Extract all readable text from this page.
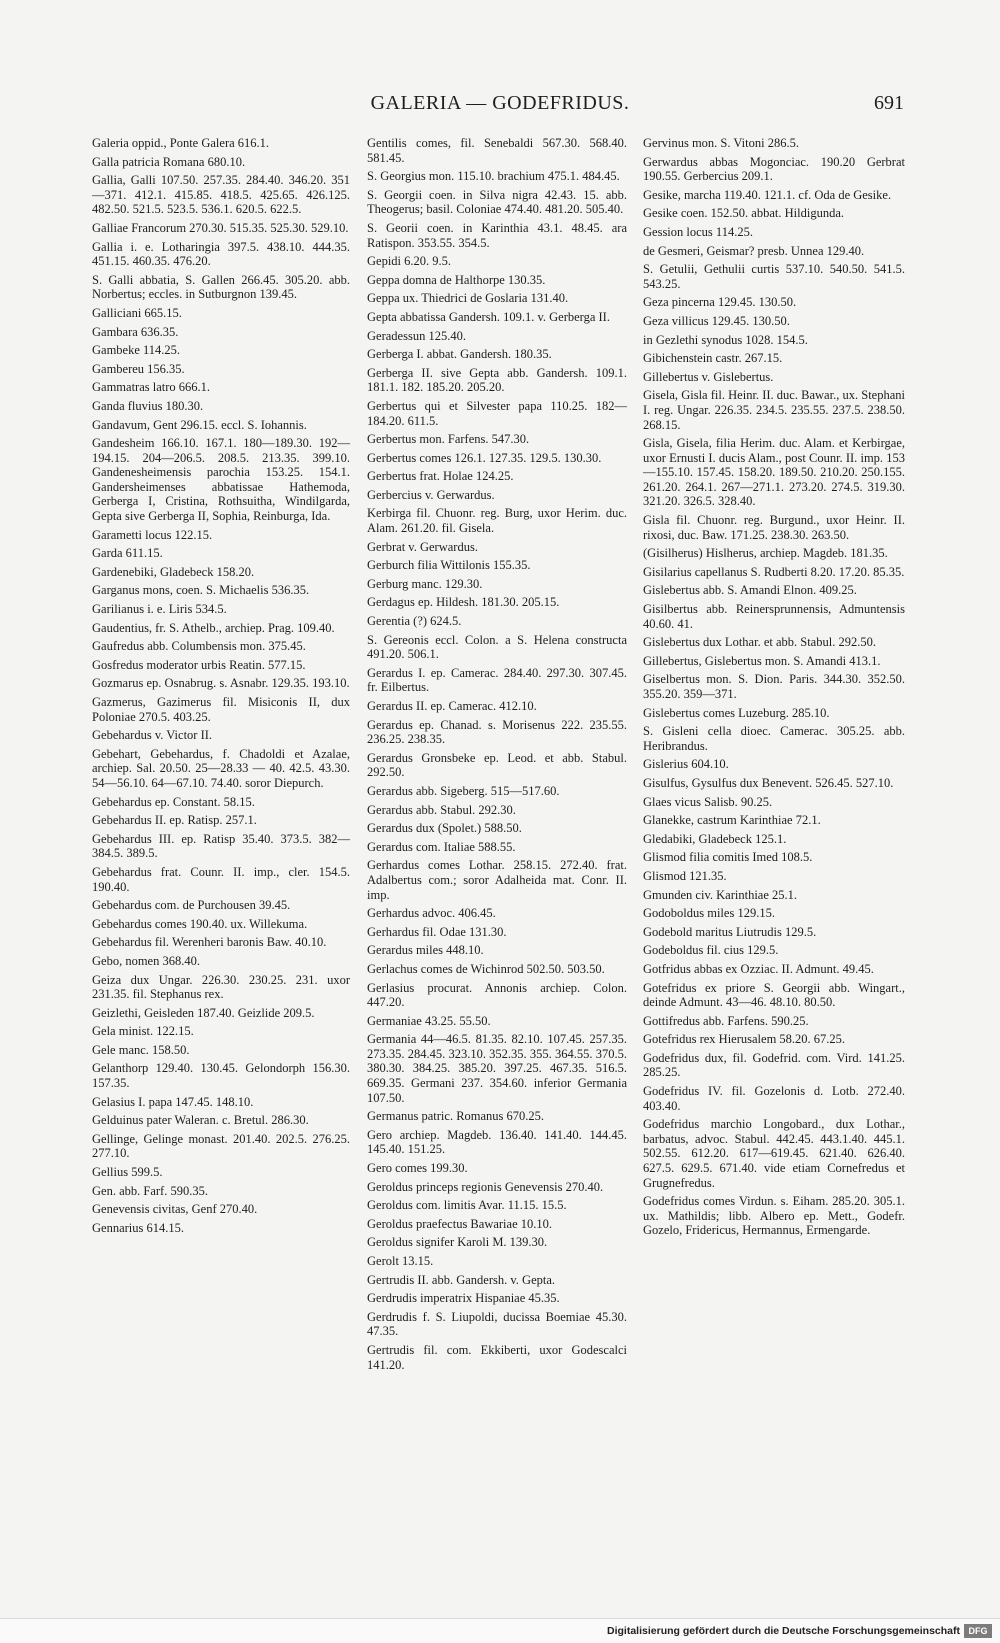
GALERIA — GODEFRIDUS.	691
Galeria oppid., Ponte Galera 616.1.
Galla patricia Romana 680.10.
Gallia, Galli 107.50. 257.35. 284.40. 346.20. 351—371. 412.1. 415.85. 418.5. 425.65. 426.125. 482.50. 521.5. 523.5. 536.1. 620.5. 622.5.
Galliae Francorum 270.30. 515.35. 525.30. 529.10.
Gallia i. e. Lotharingia 397.5. 438.10. 444.35. 451.15. 460.35. 476.20.
S. Galli abbatia, S. Gallen 266.45. 305.20. abb. Norbertus; eccles. in Sutburgnon 139.45.
Galliciani 665.15.
Gambara 636.35.
Gambeke 114.25.
Gambereu 156.35.
Gammatras latro 666.1.
Ganda fluvius 180.30.
Gandavum, Gent 296.15. eccl. S. Iohannis.
Gandesheim 166.10. 167.1. 180—189.30. 192—194.15. 204—206.5. 208.5. 213.35. 399.10. Gandenesheimensis parochia 153.25. 154.1. Gandersheimenses abbatissae Hathemoda, Gerberga I, Cristina, Rothsuitha, Windilgarda, Gepta sive Gerberga II, Sophia, Reinburga, Ida.
Garametti locus 122.15.
Garda 611.15.
Gardenebiki, Gladebeck 158.20.
Garganus mons, coen. S. Michaelis 536.35.
Garilianus i. e. Liris 534.5.
Gaudentius, fr. S. Athelb., archiep. Prag. 109.40.
Gaufredus abb. Columbensis mon. 375.45.
Gosfredus moderator urbis Reatin. 577.15.
Gozmarus ep. Osnabrug. s. Asnabr. 129.35. 193.10.
Gazmerus, Gazimerus fil. Misiconis II, dux Poloniae 270.5. 403.25.
Gebehardus v. Victor II.
Gebehart, Gebehardus, f. Chadoldi et Azalae, archiep. Sal. 20.50. 25—28.33 — 40. 42.5. 43.30. 54—56.10. 64—67.10. 74.40. soror Diepurch.
Gebehardus ep. Constant. 58.15.
Gebehardus II. ep. Ratisp. 257.1.
Gebehardus III. ep. Ratisp 35.40. 373.5. 382—384.5. 389.5.
Gebehardus frat. Counr. II. imp., cler. 154.5. 190.40.
Gebehardus com. de Purchousen 39.45.
Gebehardus comes 190.40. ux. Willekuma.
Gebehardus fil. Werenheri baronis Baw. 40.10.
Gebo, nomen 368.40.
Geiza dux Ungar. 226.30. 230.25. 231. uxor 231.35. fil. Stephanus rex.
Geizlethi, Geisleden 187.40. Geizlide 209.5.
Gela minist. 122.15.
Gele manc. 158.50.
Gelanthorp 129.40. 130.45. Gelondorph 156.30. 157.35.
Gelasius I. papa 147.45. 148.10.
Gelduinus pater Waleran. c. Bretul. 286.30.
Gellinge, Gelinge monast. 201.40. 202.5. 276.25. 277.10.
Gellius 599.5.
Gen. abb. Farf. 590.35.
Genevensis civitas, Genf 270.40.
Gennarius 614.15.
Gentilis comes, fil. Senebaldi 567.30. 568.40. 581.45.
S. Georgius mon. 115.10. brachium 475.1. 484.45.
S. Georgii coen. in Silva nigra 42.43. 15. abb. Theogerus; basil. Coloniae 474.40. 481.20. 505.40.
S. Georii coen. in Karinthia 43.1. 48.45. ara Ratispon. 353.55. 354.5.
Gepidi 6.20. 9.5.
Geppa domna de Halthorpe 130.35.
Geppa ux. Thiedrici de Goslaria 131.40.
Gepta abbatissa Gandersh. 109.1. v. Gerberga II.
Geradessun 125.40.
Gerberga I. abbat. Gandersh. 180.35.
Gerberga II. sive Gepta abb. Gandersh. 109.1. 181.1. 182. 185.20. 205.20.
Gerbertus qui et Silvester papa 110.25. 182—184.20. 611.5.
Gerbertus mon. Farfens. 547.30.
Gerbertus comes 126.1. 127.35. 129.5. 130.30.
Gerbertus frat. Holae 124.25.
Gerbercius v. Gerwardus.
Kerbirga fil. Chuonr. reg. Burg, uxor Herim. duc. Alam. 261.20. fil. Gisela.
Gerbrat v. Gerwardus.
Gerburch filia Wittilonis 155.35.
Gerburg manc. 129.30.
Gerdagus ep. Hildesh. 181.30. 205.15.
Gerentia (?) 624.5.
S. Gereonis eccl. Colon. a S. Helena constructa 491.20. 506.1.
Gerardus I. ep. Camerac. 284.40. 297.30. 307.45. fr. Eilbertus.
Gerardus II. ep. Camerac. 412.10.
Gerardus ep. Chanad. s. Morisenus 222. 235.55. 236.25. 238.35.
Gerardus Gronsbeke ep. Leod. et abb. Stabul. 292.50.
Gerardus abb. Sigeberg. 515—517.60.
Gerardus abb. Stabul. 292.30.
Gerardus dux (Spolet.) 588.50.
Gerardus com. Italiae 588.55.
Gerhardus comes Lothar. 258.15. 272.40. frat. Adalbertus com.; soror Adalheida mat. Conr. II. imp.
Gerhardus advoc. 406.45.
Gerhardus fil. Odae 131.30.
Gerardus miles 448.10.
Gerlachus comes de Wichinrod 502.50. 503.50.
Gerlasius procurat. Annonis archiep. Colon. 447.20.
Germaniae 43.25. 55.50.
Germania 44—46.5. 81.35. 82.10. 107.45. 257.35. 273.35. 284.45. 323.10. 352.35. 355. 364.55. 370.5. 380.30. 384.25. 385.20. 397.25. 467.35. 516.5. 669.35. Germani 237. 354.60. inferior Germania 107.50.
Germanus patric. Romanus 670.25.
Gero archiep. Magdeb. 136.40. 141.40. 144.45. 145.40. 151.25.
Gero comes 199.30.
Geroldus princeps regionis Genevensis 270.40.
Geroldus com. limitis Avar. 11.15. 15.5.
Geroldus praefectus Bawariae 10.10.
Geroldus signifer Karoli M. 139.30.
Gerolt 13.15.
Gertrudis II. abb. Gandersh. v. Gepta.
Gerdrudis imperatrix Hispaniae 45.35.
Gerdrudis f. S. Liupoldi, ducissa Boemiae 45.30. 47.35.
Gertrudis fil. com. Ekkiberti, uxor Godescalci 141.20.
Gervinus mon. S. Vitoni 286.5.
Gerwardus abbas Mogonciac. 190.20 Gerbrat 190.55. Gerbercius 209.1.
Gesike, marcha 119.40. 121.1. cf. Oda de Gesike.
Gesike coen. 152.50. abbat. Hildigunda.
Gession locus 114.25.
de Gesmeri, Geismar? presb. Unnea 129.40.
S. Getulii, Gethulii curtis 537.10. 540.50. 541.5. 543.25.
Geza pincerna 129.45. 130.50.
Geza villicus 129.45. 130.50.
in Gezlethi synodus 1028. 154.5.
Gibichenstein castr. 267.15.
Gillebertus v. Gislebertus.
Gisela, Gisla fil. Heinr. II. duc. Bawar., ux. Stephani I. reg. Ungar. 226.35. 234.5. 235.55. 237.5. 238.50. 268.15.
Gisla, Gisela, filia Herim. duc. Alam. et Kerbirgae, uxor Ernusti I. ducis Alam., post Counr. II. imp. 153—155.10. 157.45. 158.20. 189.50. 210.20. 250.155. 261.20. 264.1. 267—271.1. 273.20. 274.5. 319.30. 321.20. 326.5. 328.40.
Gisla fil. Chuonr. reg. Burgund., uxor Heinr. II. rixosi, duc. Baw. 171.25. 238.30. 263.50.
(Gisilherus) Hislherus, archiep. Magdeb. 181.35.
Gisilarius capellanus S. Rudberti 8.20. 17.20. 85.35.
Gislebertus abb. S. Amandi Elnon. 409.25.
Gisilbertus abb. Reinersprunnensis, Admuntensis 40.60. 41.
Gislebertus dux Lothar. et abb. Stabul. 292.50.
Gillebertus, Gislebertus mon. S. Amandi 413.1.
Giselbertus mon. S. Dion. Paris. 344.30. 352.50. 355.20. 359—371.
Gislebertus comes Luzeburg. 285.10.
S. Gisleni cella dioec. Camerac. 305.25. abb. Heribrandus.
Gislerius 604.10.
Gisulfus, Gysulfus dux Benevent. 526.45. 527.10.
Glaes vicus Salisb. 90.25.
Glanekke, castrum Karinthiae 72.1.
Gledabiki, Gladebeck 125.1.
Glismod filia comitis Imed 108.5.
Glismod 121.35.
Gmunden civ. Karinthiae 25.1.
Godoboldus miles 129.15.
Godebold maritus Liutrudis 129.5.
Godeboldus fil. cius 129.5.
Gotfridus abbas ex Ozziac. II. Admunt. 49.45.
Gotefridus ex priore S. Georgii abb. Wingart., deinde Admunt. 43—46. 48.10. 80.50.
Gottifredus abb. Farfens. 590.25.
Gotefridus rex Hierusalem 58.20. 67.25.
Godefridus dux, fil. Godefrid. com. Vird. 141.25. 285.25.
Godefridus IV. fil. Gozelonis d. Lotb. 272.40. 403.40.
Godefridus marchio Longobard., dux Lothar., barbatus, advoc. Stabul. 442.45. 443.1.40. 445.1. 502.55. 612.20. 617—619.45. 621.40. 626.40. 627.5. 629.5. 671.40. vide etiam Cornefredus et Grugnefredus.
Godefridus comes Virdun. s. Eiham. 285.20. 305.1. ux. Mathildis; libb. Albero ep. Mett., Godefr. Gozelo, Fridericus, Hermannus, Ermengarde.
Digitalisierung gefördert durch die Deutsche Forschungsgemeinschaft DFG
